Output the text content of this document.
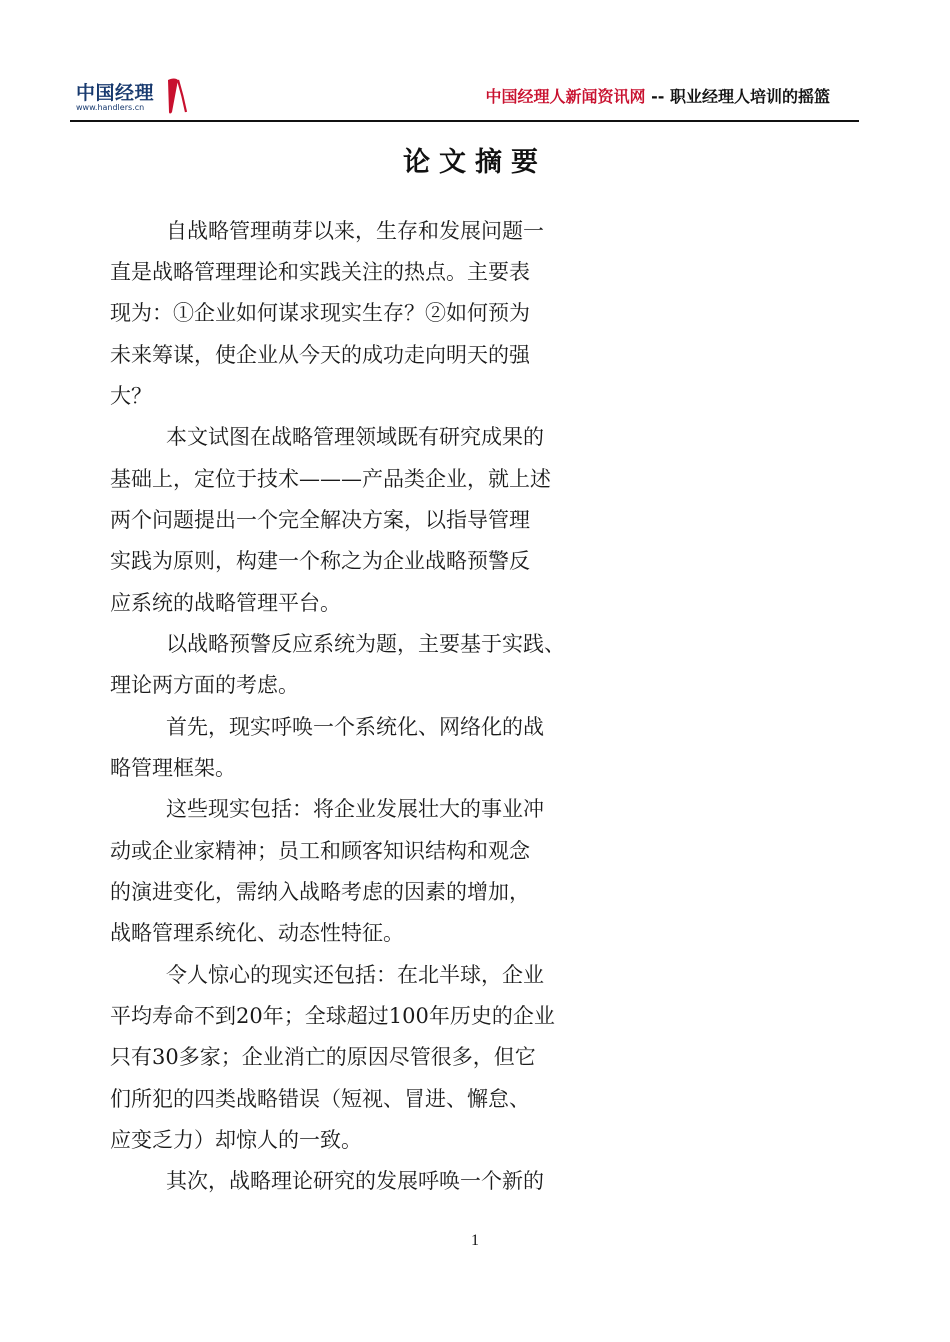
中国经理
www.handlers.cn
中国经理人新闻资讯网 -- 职业经理人培训的摇篮
论文摘要
自战略管理萌芽以来，生存和发展问题一
直是战略管理理论和实践关注的热点。主要表
现为：①企业如何谋求现实生存？②如何预为
未来筹谋，使企业从今天的成功走向明天的强
大？
本文试图在战略管理领域既有研究成果的
基础上，定位于技术———产品类企业，就上述
两个问题提出一个完全解决方案，以指导管理
实践为原则，构建一个称之为企业战略预警反
应系统的战略管理平台。
以战略预警反应系统为题，主要基于实践、
理论两方面的考虑。
首先，现实呼唤一个系统化、网络化的战
略管理框架。
这些现实包括：将企业发展壮大的事业冲
动或企业家精神；员工和顾客知识结构和观念
的演进变化，需纳入战略考虑的因素的增加，
战略管理系统化、动态性特征。
令人惊心的现实还包括：在北半球，企业
平均寿命不到20年；全球超过100年历史的企业
只有30多家；企业消亡的原因尽管很多，但它
们所犯的四类战略错误（短视、冒进、懈怠、
应变乏力）却惊人的一致。
其次，战略理论研究的发展呼唤一个新的
1
